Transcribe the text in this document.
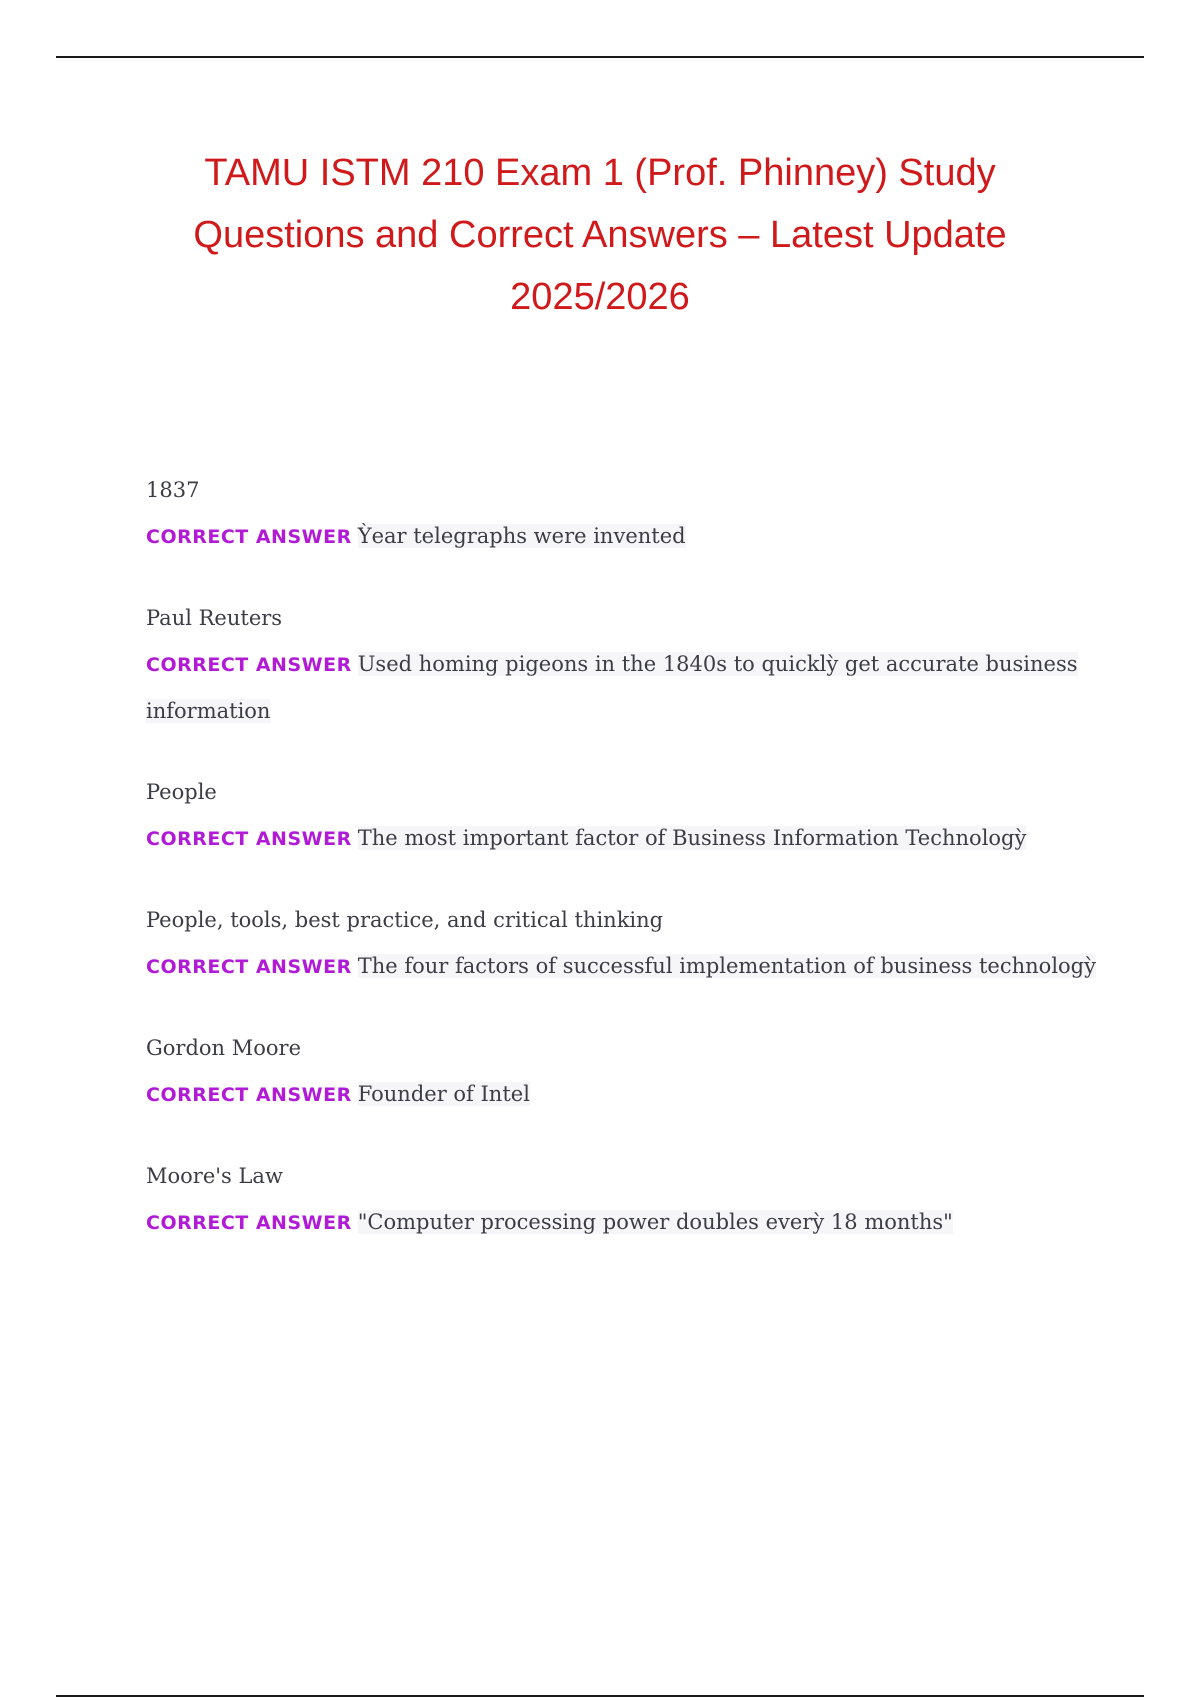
TAMU ISTM 210 Exam 1 (Prof. Phinney) Study Questions and Correct Answers – Latest Update 2025/2026
1837
CORRECT ANSWER Ỳear telegraphs were invented
Paul Reuters
CORRECT ANSWER Used homing pigeons in the 1840s to quicklỳ get accurate business information
People
CORRECT ANSWER The most important factor of Business Information Technologỳ
People, tools, best practice, and critical thinking
CORRECT ANSWER The four factors of successful implementation of business technologỳ
Gordon Moore
CORRECT ANSWER Founder of Intel
Moore's Law
CORRECT ANSWER "Computer processing power doubles everỳ 18 months"
